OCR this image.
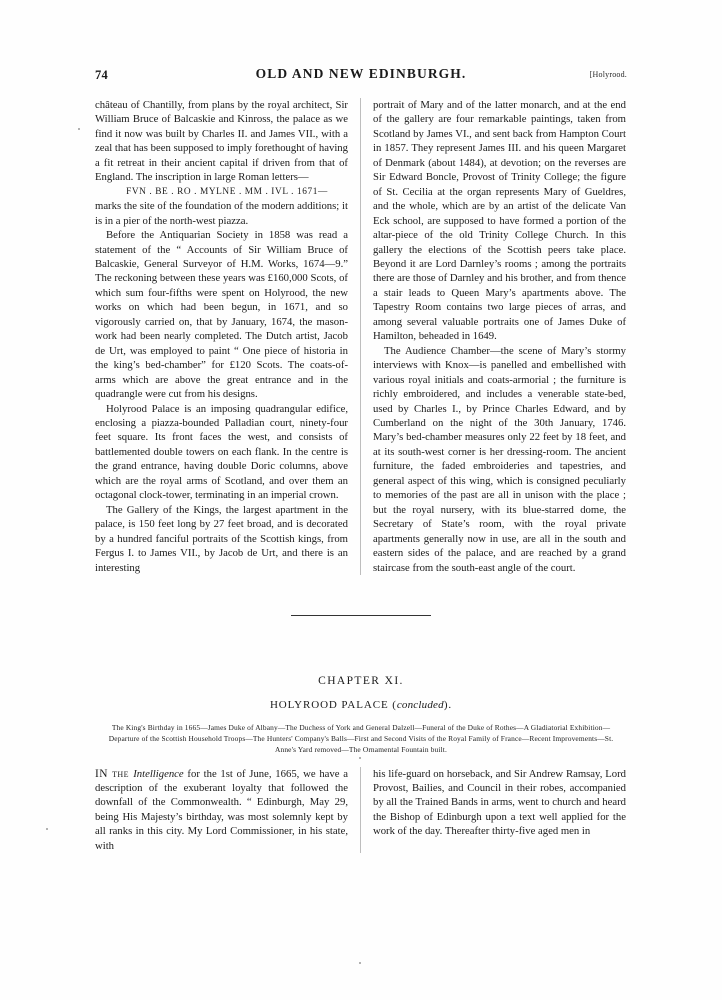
74	OLD AND NEW EDINBURGH.	[Holyrood.

château of Chantilly, from plans by the royal architect, Sir William Bruce of Balcaskie and Kinross, the palace as we find it now was built by Charles II. and James VII., with a zeal that has been supposed to imply forethought of having a fit retreat in their ancient capital if driven from that of England. The inscription in large Roman letters—

FVN . BE . RO . MYLNE . MM . IVL . 1671—

marks the site of the foundation of the modern additions; it is in a pier of the north-west piazza.

Before the Antiquarian Society in 1858 was read a statement of the “ Accounts of Sir William Bruce of Balcaskie, General Surveyor of H.M. Works, 1674—9.” The reckoning between these years was £160,000 Scots, of which sum four-fifths were spent on Holyrood, the new works on which had been begun, in 1671, and so vigorously carried on, that by January, 1674, the mason-work had been nearly completed. The Dutch artist, Jacob de Urt, was employed to paint “ One piece of historia in the king’s bed-chamber” for £120 Scots. The coats-of-arms which are above the great entrance and in the quadrangle were cut from his designs.

Holyrood Palace is an imposing quadrangular edifice, enclosing a piazza-bounded Palladian court, ninety-four feet square. Its front faces the west, and consists of battlemented double towers on each flank. In the centre is the grand entrance, having double Doric columns, above which are the royal arms of Scotland, and over them an octagonal clock-tower, terminating in an imperial crown.

The Gallery of the Kings, the largest apartment in the palace, is 150 feet long by 27 feet broad, and is decorated by a hundred fanciful portraits of the Scottish kings, from Fergus I. to James VII., by Jacob de Urt, and there is an interesting

portrait of Mary and of the latter monarch, and at the end of the gallery are four remarkable paintings, taken from Scotland by James VI., and sent back from Hampton Court in 1857. They represent James III. and his queen Margaret of Denmark (about 1484), at devotion; on the reverses are Sir Edward Boncle, Provost of Trinity College; the figure of St. Cecilia at the organ represents Mary of Gueldres, and the whole, which are by an artist of the delicate Van Eck school, are supposed to have formed a portion of the altar-piece of the old Trinity College Church. In this gallery the elections of the Scottish peers take place. Beyond it are Lord Darnley’s rooms ; among the portraits there are those of Darnley and his brother, and from thence a stair leads to Queen Mary’s apartments above. The Tapestry Room contains two large pieces of arras, and among several valuable portraits one of James Duke of Hamilton, beheaded in 1649.

The Audience Chamber—the scene of Mary’s stormy interviews with Knox—is panelled and embellished with various royal initials and coats-armorial ; the furniture is richly embroidered, and includes a venerable state-bed, used by Charles I., by Prince Charles Edward, and by Cumberland on the night of the 30th January, 1746. Mary’s bed-chamber measures only 22 feet by 18 feet, and at its south-west corner is her dressing-room. The ancient furniture, the faded embroideries and tapestries, and general aspect of this wing, which is consigned peculiarly to memories of the past are all in unison with the place ; but the royal nursery, with its blue-starred dome, the Secretary of State’s room, with the royal private apartments generally now in use, are all in the south and eastern sides of the palace, and are reached by a grand staircase from the south-east angle of the court.

CHAPTER XI.
HOLYROOD PALACE (concluded).

The King's Birthday in 1665—James Duke of Albany—The Duchess of York and General Dalzell—Funeral of the Duke of Rothes—A Gladiatorial Exhibition—Departure of the Scottish Household Troops—The Hunters' Company's Balls—First and Second Visits of the Royal Family of France—Recent Improvements—St. Anne's Yard removed—The Ornamental Fountain built.

IN the Intelligence for the 1st of June, 1665, we have a description of the exuberant loyalty that followed the downfall of the Commonwealth. “ Edinburgh, May 29, being His Majesty’s birthday, was most solemnly kept by all ranks in this city. My Lord Commissioner, in his state, with

his life-guard on horseback, and Sir Andrew Ramsay, Lord Provost, Bailies, and Council in their robes, accompanied by all the Trained Bands in arms, went to church and heard the Bishop of Edinburgh upon a text well applied for the work of the day. Thereafter thirty-five aged men in
